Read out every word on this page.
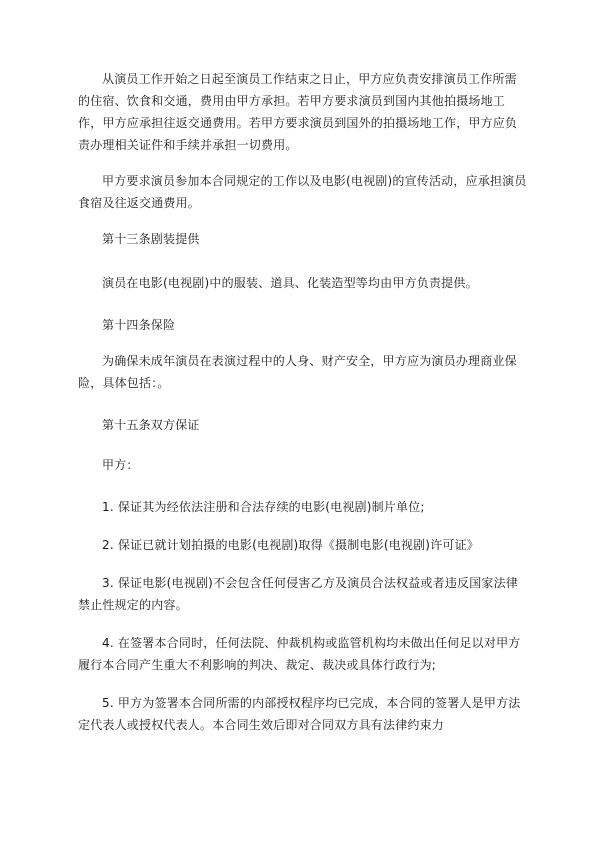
从演员工作开始之日起至演员工作结束之日止，甲方应负责安排演员工作所需的住宿、饮食和交通，费用由甲方承担。若甲方要求演员到国内其他拍摄场地工作，甲方应承担往返交通费用。若甲方要求演员到国外的拍摄场地工作，甲方应负责办理相关证件和手续并承担一切费用。

甲方要求演员参加本合同规定的工作以及电影(电视剧)的宣传活动，应承担演员食宿及往返交通费用。

第十三条剧装提供

演员在电影(电视剧)中的服装、道具、化装造型等均由甲方负责提供。

第十四条保险

为确保未成年演员在表演过程中的人身、财产安全，甲方应为演员办理商业保险，具体包括：。

第十五条双方保证

甲方：

1. 保证其为经依法注册和合法存续的电影(电视剧)制片单位;

2. 保证已就计划拍摄的电影(电视剧)取得《摄制电影(电视剧)许可证》

3. 保证电影(电视剧)不会包含任何侵害乙方及演员合法权益或者违反国家法律禁止性规定的内容。

4. 在签署本合同时，任何法院、仲裁机构或监管机构均未做出任何足以对甲方履行本合同产生重大不利影响的判决、裁定、裁决或具体行政行为;

5. 甲方为签署本合同所需的内部授权程序均已完成，本合同的签署人是甲方法定代表人或授权代表人。本合同生效后即对合同双方具有法律约束力
